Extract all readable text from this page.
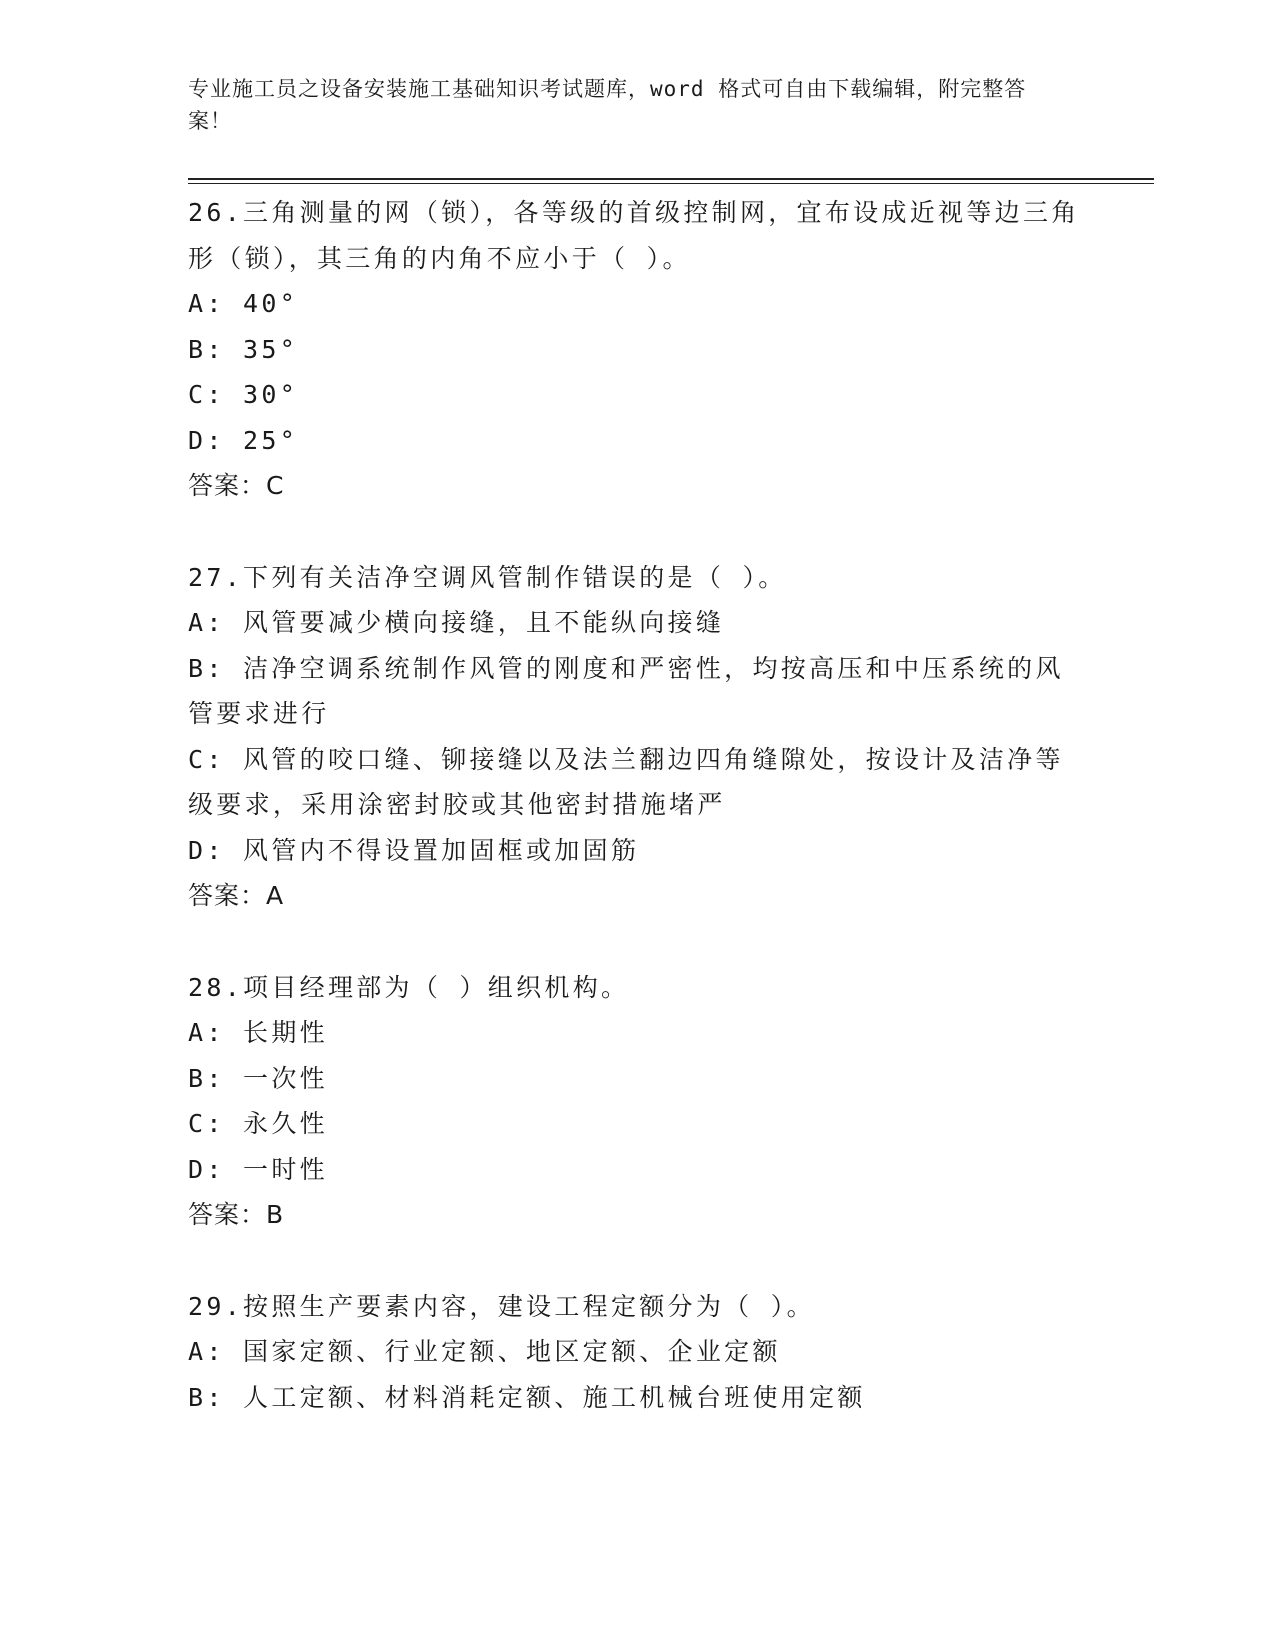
专业施工员之设备安装施工基础知识考试题库，word 格式可自由下载编辑，附完整答案！
26.三角测量的网（锁），各等级的首级控制网，宜布设成近视等边三角形（锁），其三角的内角不应小于（ ）。
A: 40°
B: 35°
C: 30°
D: 25°
答案：C
27.下列有关洁净空调风管制作错误的是（ ）。
A: 风管要减少横向接缝，且不能纵向接缝
B: 洁净空调系统制作风管的刚度和严密性，均按高压和中压系统的风管要求进行
C: 风管的咬口缝、铆接缝以及法兰翻边四角缝隙处，按设计及洁净等级要求，采用涂密封胶或其他密封措施堵严
D: 风管内不得设置加固框或加固筋
答案：A
28.项目经理部为（ ）组织机构。
A: 长期性
B: 一次性
C: 永久性
D: 一时性
答案：B
29.按照生产要素内容，建设工程定额分为（ ）。
A: 国家定额、行业定额、地区定额、企业定额
B: 人工定额、材料消耗定额、施工机械台班使用定额
